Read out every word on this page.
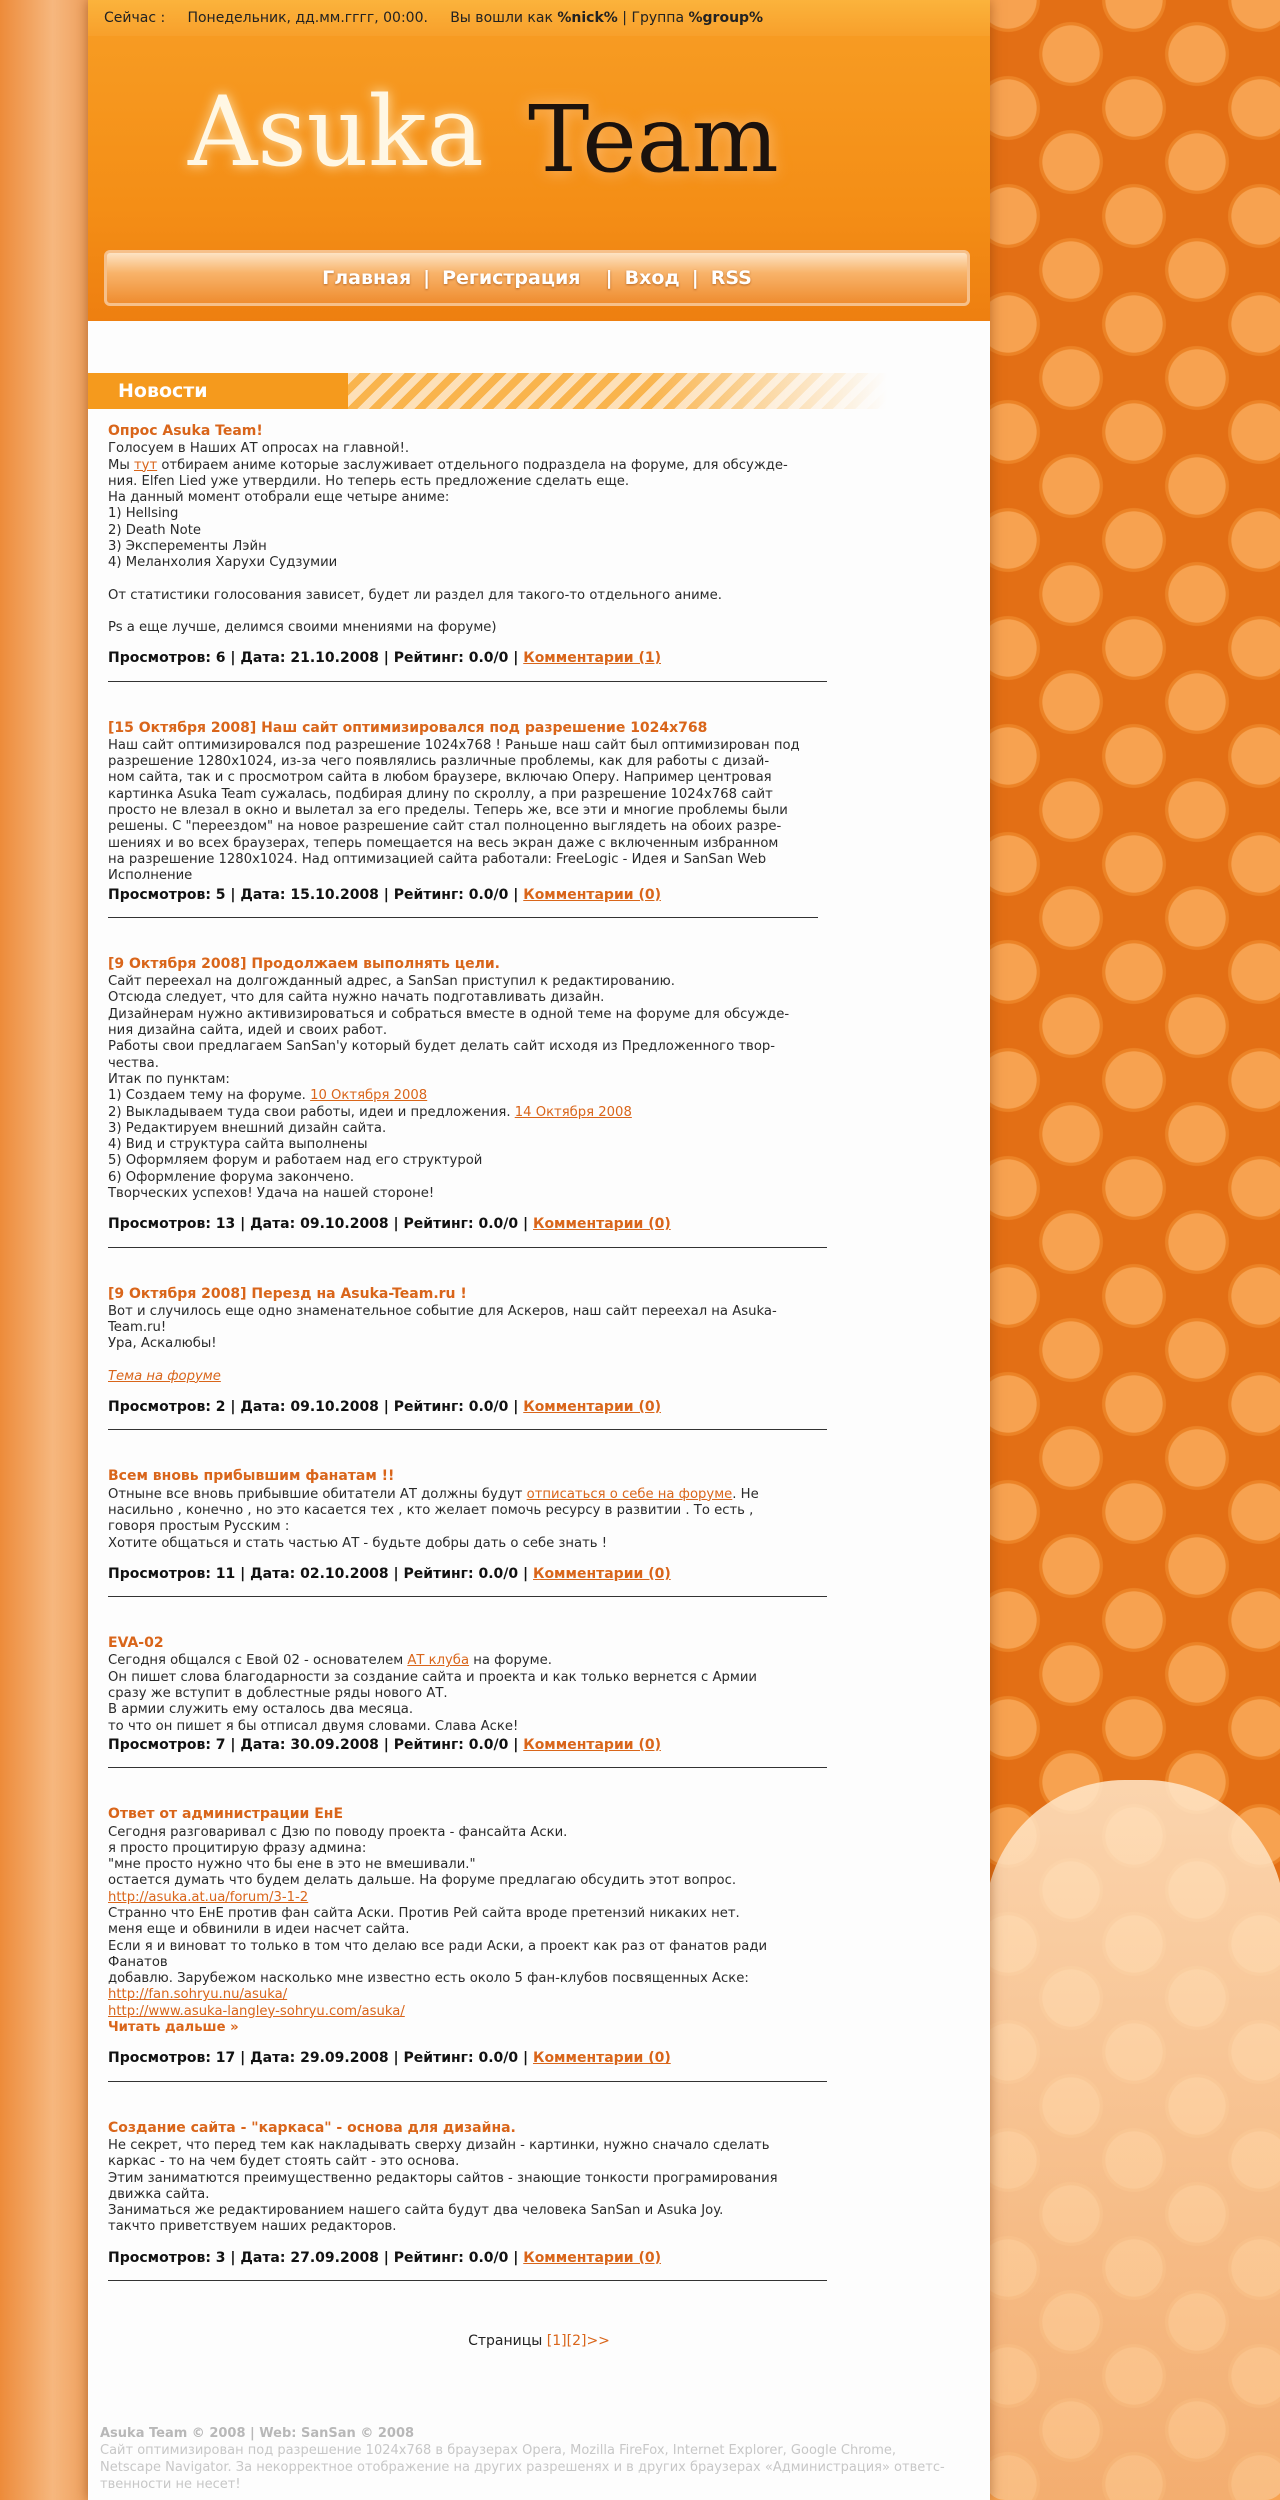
Сейчас : Понедельник, дд.мм.гггг, 00:00. Вы вошли как %nick% | Группа %group%
Asuka Team
Главная | Регистрация  | Вход | RSS
Новости
Опрос Asuka Team!

Голосуем в Наших АТ опросах на главной!.

Мы тут отбираем аниме которые заслуживает отдельного подраздела на форуме, для обсужде-

ния. Elfen Lied уже утвердили. Но теперь есть предложение сделать еще.

На данный момент отобрали еще четыре аниме:

1) Hellsing

2) Death Note

3) Эксперементы Лэйн

4) Меланхолия Харухи Судзумии

От статистики голосования зависет, будет ли раздел для такого-то отдельного аниме.

Ps а еще лучше, делимся своими мнениями на форуме)

Просмотров: 6 | Дата: 21.10.2008 | Рейтинг: 0.0/0 | Комментарии (1)
[15 Октября 2008] Наш сайт оптимизировался под разрешение 1024x768

Наш сайт оптимизировался под разрешение 1024x768 ! Раньше наш сайт был оптимизирован под

разрешение 1280x1024, из-за чего появлялись различные проблемы, как для работы с дизай-

ном сайта, так и с просмотром сайта в любом браузере, включаю Оперу. Например центровая

картинка Asuka Team сужалась, подбирая длину по скроллу, а при разрешение 1024x768 сайт

просто не влезал в окно и вылетал за его пределы. Теперь же, все эти и многие проблемы были

решены. С "переездом" на новое разрешение сайт стал полноценно выглядеть на обоих разре-

шениях и во всех браузерах, теперь помещается на весь экран даже с включенным избранном

на разрешение 1280x1024. Над оптимизацией сайта работали: FreeLogic - Идея и SanSan Web

Исполнение

Просмотров: 5 | Дата: 15.10.2008 | Рейтинг: 0.0/0 | Комментарии (0)
[9 Октября 2008] Продолжаем выполнять цели.

Сайт переехал на долгожданный адрес, а SanSan приступил к редактированию.

Отсюда следует, что для сайта нужно начать подготавливать дизайн.

Дизайнерам нужно активизироваться и собраться вместе в одной теме на форуме для обсужде-

ния дизайна сайта, идей и своих работ.

Работы свои предлагаем SanSan'у который будет делать сайт исходя из Предложенного твор-

чества.

Итак по пунктам:

1) Создаем тему на форуме. 10 Октября 2008

2) Выкладываем туда свои работы, идеи и предложения. 14 Октября 2008

3) Редактируем внешний дизайн сайта.

4) Вид и структура сайта выполнены

5) Оформляем форум и работаем над его структурой

6) Оформление форума закончено.

Творческих успехов! Удача на нашей стороне!

Просмотров: 13 | Дата: 09.10.2008 | Рейтинг: 0.0/0 | Комментарии (0)
[9 Октября 2008] Перезд на Asuka-Team.ru !

Вот и случилось еще одно знаменательное событие для Аскеров, наш сайт переехал на Asuka-

Team.ru!

Ура, Аскалюбы!

Тема на форуме

Просмотров: 2 | Дата: 09.10.2008 | Рейтинг: 0.0/0 | Комментарии (0)
Всем вновь прибывшим фанатам !!

Отныне все вновь прибывшие обитатели АТ должны будут отписаться о себе на форуме. Не

насильно , конечно , но это касается тех , кто желает помочь ресурсу в развитии . То есть ,

говоря простым Русским :

Хотите общаться и стать частью АТ - будьте добры дать о себе знать !

Просмотров: 11 | Дата: 02.10.2008 | Рейтинг: 0.0/0 | Комментарии (0)
EVA-02

Сегодня общался с Евой 02 - основателем АТ клуба на форуме.

Он пишет слова благодарности за создание сайта и проекта и как только вернется с Армии

сразу же вступит в доблестные ряды нового АТ.

В армии служить ему осталось два месяца.

то что он пишет я бы отписал двумя словами. Слава Аске!

Просмотров: 7 | Дата: 30.09.2008 | Рейтинг: 0.0/0 | Комментарии (0)
Ответ от администрации ЕнЕ

Сегодня разговаривал с Дзю по поводу проекта - фансайта Аски.

я просто процитирую фразу админа:

"мне просто нужно что бы ене в это не вмешивали."

остается думать что будем делать дальше. На форуме предлагаю обсудить этот вопрос.

http://asuka.at.ua/forum/3-1-2

Странно что ЕнЕ против фан сайта Аски. Против Рей сайта вроде претензий никаких нет.

меня еще и обвинили в идеи насчет сайта.

Если я и виноват то только в том что делаю все ради Аски, а проект как раз от фанатов ради

Фанатов

добавлю. Зарубежом насколько мне известно есть около 5 фан-клубов посвященных Аске:

http://fan.sohryu.nu/asuka/

http://www.asuka-langley-sohryu.com/asuka/

Читать дальше »

Просмотров: 17 | Дата: 29.09.2008 | Рейтинг: 0.0/0 | Комментарии (0)
Создание сайта - "каркаса" - основа для дизайна.

Не секрет, что перед тем как накладывать сверху дизайн - картинки, нужно сначало сделать

каркас - то на чем будет стоять сайт - это основа.

Этим заниматются преимущественно редакторы сайтов - знающие тонкости програмирования

движка сайта.

Заниматься же редактированием нашего сайта будут два человека SanSan и Asuka Joy.

такчто приветствуем наших редакторов.

Просмотров: 3 | Дата: 27.09.2008 | Рейтинг: 0.0/0 | Комментарии (0)
Страницы [1][2]>>
Asuka Team © 2008 | Web: SanSan © 2008
Сайт оптимизирован под разрешение 1024x768 в браузерах Opera, Mozilla FireFox, Internet Explorer, Google Chrome,
Netscape Navigator. За некорректное отображение на других разрешенях и в других браузерах «Администрация» ответс-
твенности не несет!
